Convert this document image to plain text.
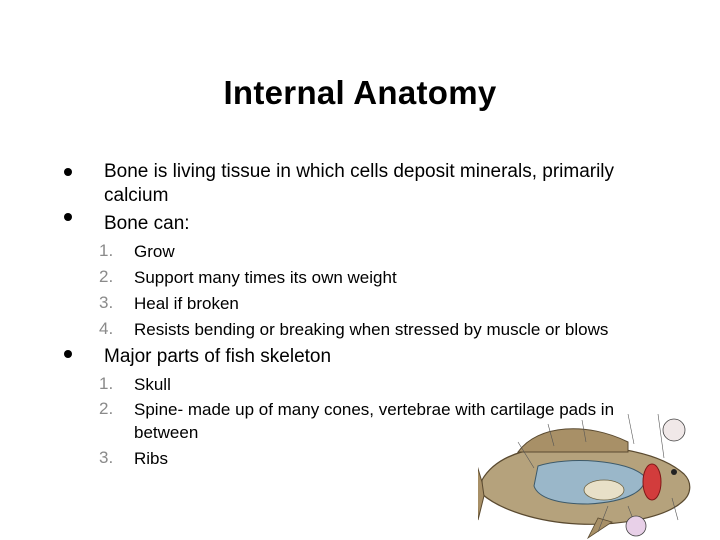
Internal Anatomy
Bone is living tissue in which cells deposit minerals, primarily
calcium
Bone can:
1. Grow
2. Support many times its own weight
3. Heal if broken
4. Resists bending or breaking when stressed by muscle or blows
Major parts of fish skeleton
1. Skull
2. Spine- made up of many cones, vertebrae with cartilage pads in
between
3. Ribs
